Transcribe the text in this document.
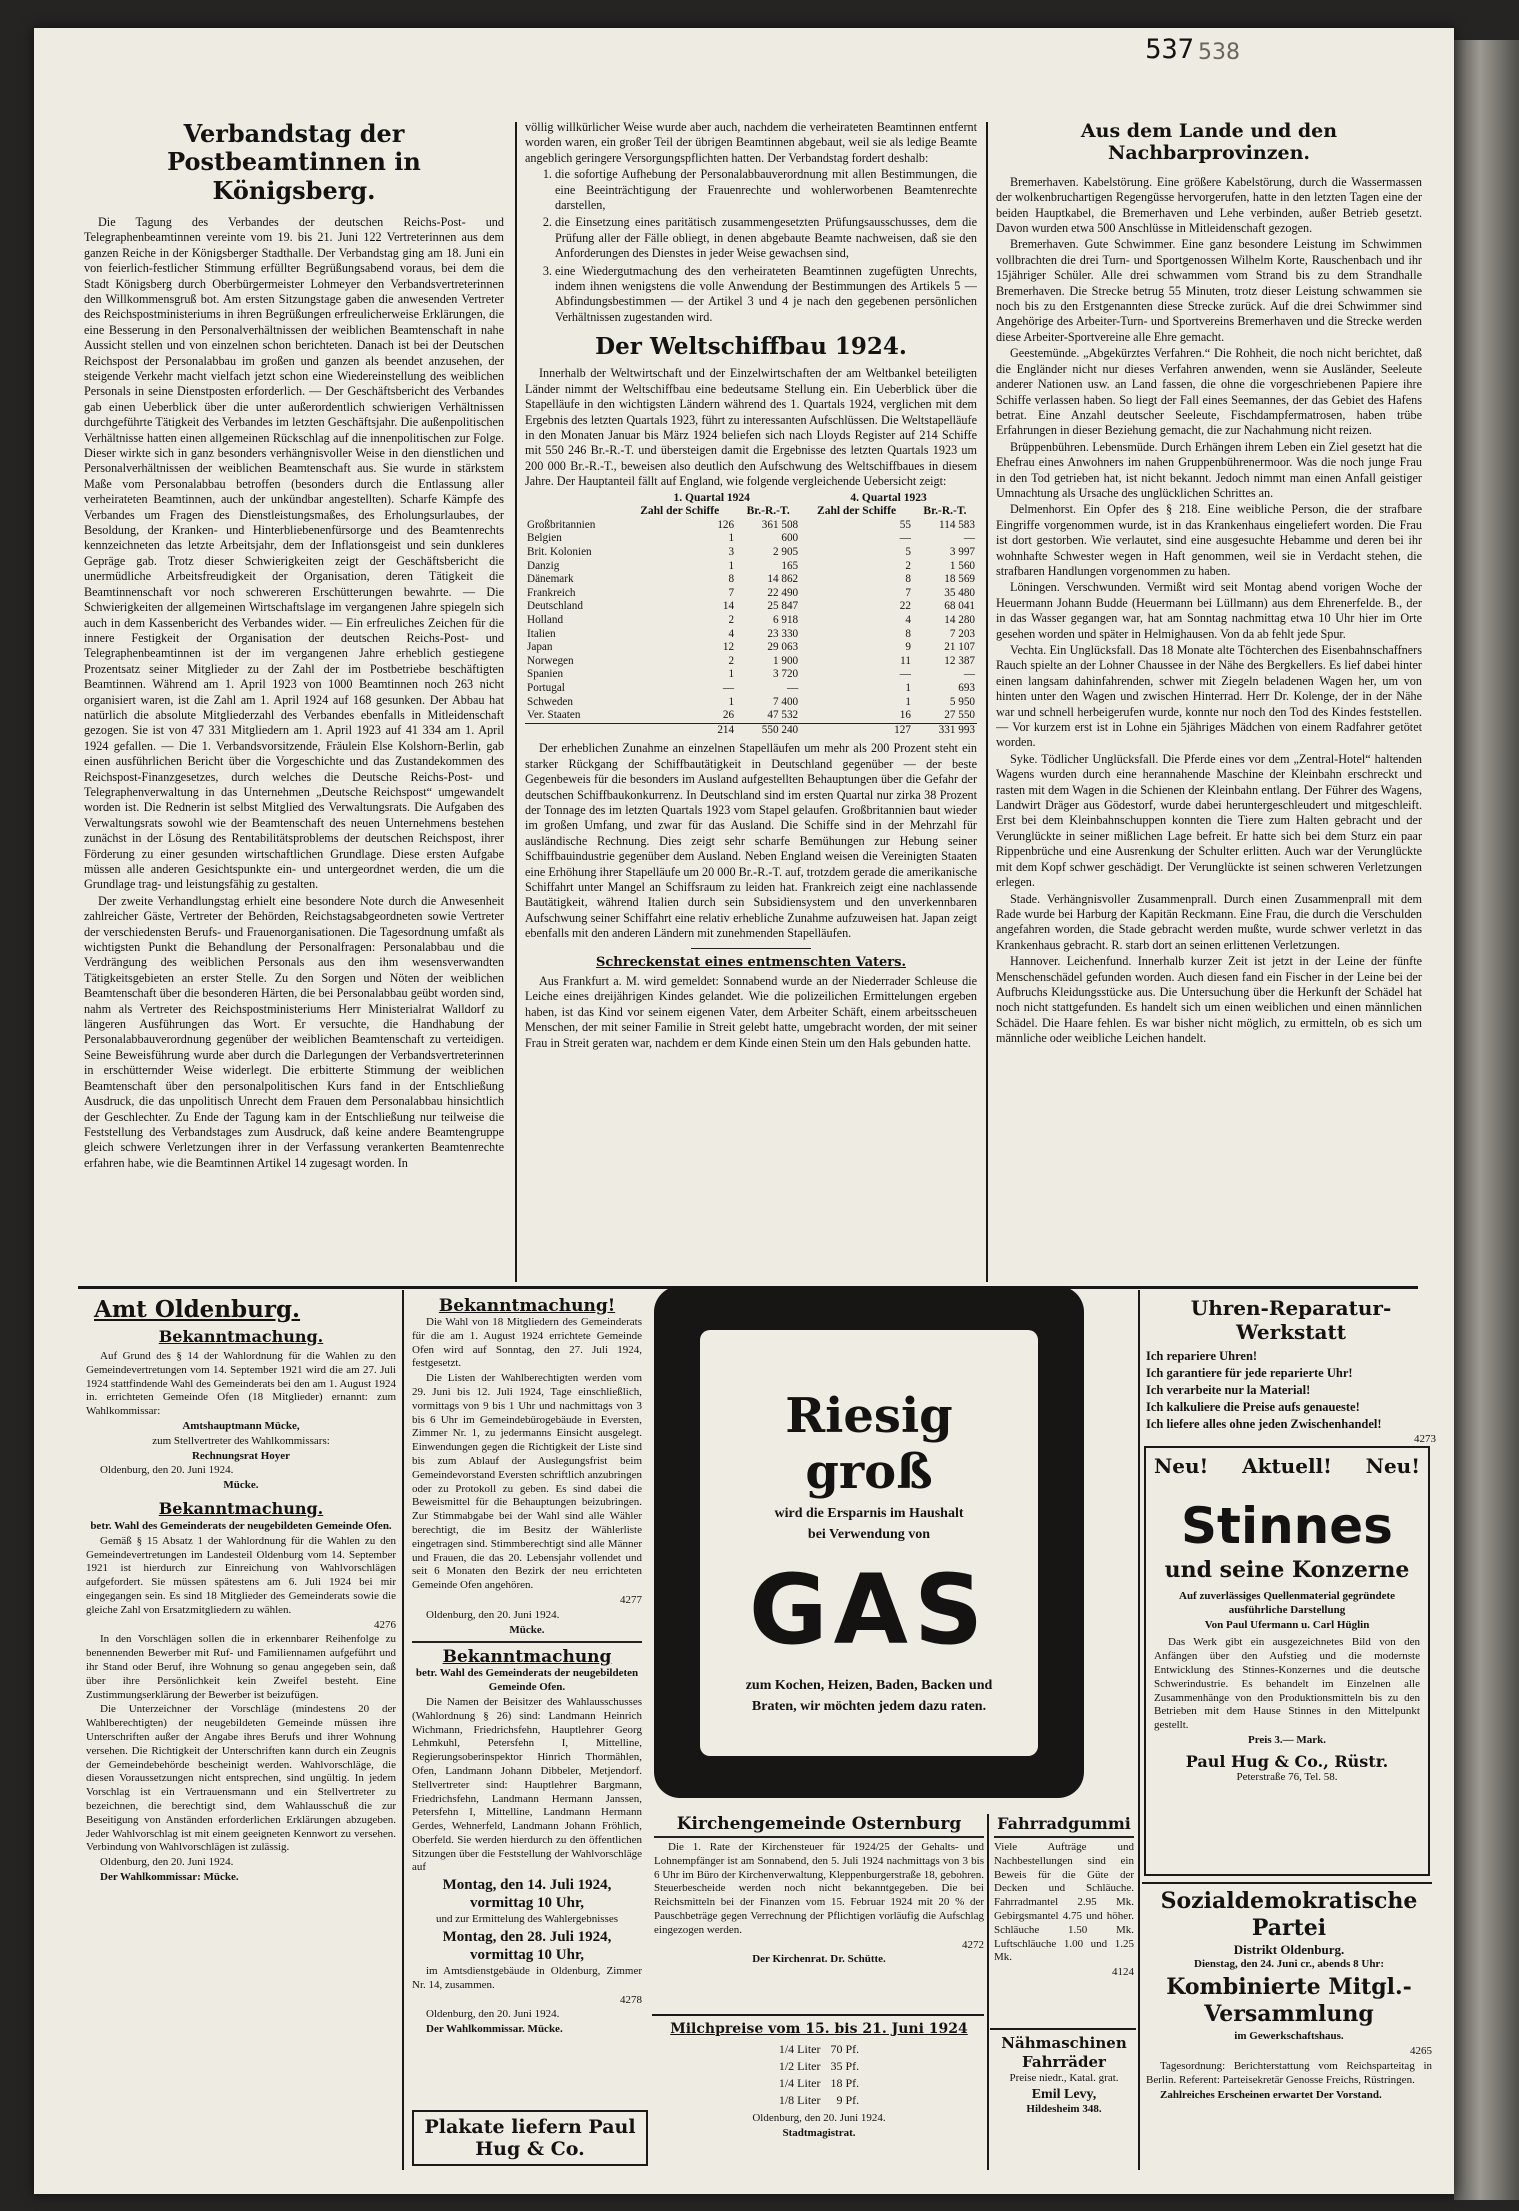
537 538
Verbandstag der Postbeamtinnen in Königsberg.
Die Tagung des Verbandes der deutschen Reichs-Post- und Telegraphenbeamtinnen vereinte vom 19. bis 21. Juni 122 Vertreterinnen aus dem ganzen Reiche in der Königsberger Stadthalle. Der Verbandstag ging am 18. Juni ein von feierlich-festlicher Stimmung erfüllter Begrüßungsabend voraus, bei dem die Stadt Königsberg durch Oberbürgermeister Lohmeyer den Verbandsvertreterinnen den Willkommensgruß bot. Am ersten Sitzungstage gaben die anwesenden Vertreter des Reichspostministeriums in ihren Begrüßungen erfreulicherweise Erklärungen, die eine Besserung in den Personalverhältnissen der weiblichen Beamtenschaft in nahe Aussicht stellen und von einzelnen schon berichteten. Danach ist bei der Deutschen Reichspost der Personalabbau im großen und ganzen als beendet anzusehen, der steigende Verkehr macht vielfach jetzt schon eine Wiedereinstellung des weiblichen Personals in seine Dienstposten erforderlich. — Der Geschäftsbericht des Verbandes gab einen Ueberblick über die unter außerordentlich schwierigen Verhältnissen durchgeführte Tätigkeit des Verbandes im letzten Geschäftsjahr. Die außenpolitischen Verhältnisse hatten einen allgemeinen Rückschlag auf die innenpolitischen zur Folge. Dieser wirkte sich in ganz besonders verhängnisvoller Weise in den dienstlichen und Personalverhältnissen der weiblichen Beamtenschaft aus. Sie wurde in stärkstem Maße vom Personalabbau betroffen (besonders durch die Entlassung aller verheirateten Beamtinnen, auch der unkündbar angestellten). Scharfe Kämpfe des Verbandes um Fragen des Dienstleistungsmaßes, des Erholungsurlaubes, der Besoldung, der Kranken- und Hinterbliebenenfürsorge und des Beamtenrechts kennzeichneten das letzte Arbeitsjahr, dem der Inflationsgeist und sein dunkleres Gepräge gab. Trotz dieser Schwierigkeiten zeigt der Geschäftsbericht die unermüdliche Arbeitsfreudigkeit der Organisation, deren Tätigkeit die Beamtinnenschaft vor noch schwereren Erschütterungen bewahrte. — Die Schwierigkeiten der allgemeinen Wirtschaftslage im vergangenen Jahre spiegeln sich auch in dem Kassenbericht des Verbandes wider. — Ein erfreuliches Zeichen für die innere Festigkeit der Organisation der deutschen Reichs-Post- und Telegraphenbeamtinnen ist der im vergangenen Jahre erheblich gestiegene Prozentsatz seiner Mitglieder zu der Zahl der im Postbetriebe beschäftigten Beamtinnen. Während am 1. April 1923 von 1000 Beamtinnen noch 263 nicht organisiert waren, ist die Zahl am 1. April 1924 auf 168 gesunken. Der Abbau hat natürlich die absolute Mitgliederzahl des Verbandes ebenfalls in Mitleidenschaft gezogen. Sie ist von 47 331 Mitgliedern am 1. April 1923 auf 41 334 am 1. April 1924 gefallen. — Die 1. Verbandsvorsitzende, Fräulein Else Kolshorn-Berlin, gab einen ausführlichen Bericht über die Vorgeschichte und das Zustandekommen des Reichspost-Finanzgesetzes, durch welches die Deutsche Reichs-Post- und Telegraphenverwaltung in das Unternehmen „Deutsche Reichspost“ umgewandelt worden ist. Die Rednerin ist selbst Mitglied des Verwaltungsrats. Die Aufgaben des Verwaltungsrats sowohl wie der Beamtenschaft des neuen Unternehmens bestehen zunächst in der Lösung des Rentabilitätsproblems der deutschen Reichspost, ihrer Förderung zu einer gesunden wirtschaftlichen Grundlage. Diese ersten Aufgabe müssen alle anderen Gesichtspunkte ein- und untergeordnet werden, die um die Grundlage trag- und leistungsfähig zu gestalten.
Der zweite Verhandlungstag erhielt eine besondere Note durch die Anwesenheit zahlreicher Gäste, Vertreter der Behörden, Reichstagsabgeordneten sowie Vertreter der verschiedensten Berufs- und Frauenorganisationen. Die Tagesordnung umfaßt als wichtigsten Punkt die Behandlung der Personalfragen: Personalabbau und die Verdrängung des weiblichen Personals aus den ihm wesensverwandten Tätigkeitsgebieten an erster Stelle. Zu den Sorgen und Nöten der weiblichen Beamtenschaft über die besonderen Härten, die bei Personalabbau geübt worden sind, nahm als Vertreter des Reichspostministeriums Herr Ministerialrat Walldorf zu längeren Ausführungen das Wort. Er versuchte, die Handhabung der Personalabbauverordnung gegenüber der weiblichen Beamtenschaft zu verteidigen. Seine Beweisführung wurde aber durch die Darlegungen der Verbandsvertreterinnen in erschütternder Weise widerlegt. Die erbitterte Stimmung der weiblichen Beamtenschaft über den personalpolitischen Kurs fand in der Entschließung Ausdruck, die das unpolitisch Unrecht dem Frauen dem Personalabbau hinsichtlich der Geschlechter. Zu Ende der Tagung kam in der Entschließung nur teilweise die Feststellung des Verbandstages zum Ausdruck, daß keine andere Beamtengruppe gleich schwere Verletzungen ihrer in der Verfassung verankerten Beamtenrechte erfahren habe, wie die Beamtinnen Artikel 14 zugesagt worden. In
völlig willkürlicher Weise wurde aber auch, nachdem die verheirateten Beamtinnen entfernt worden waren, ein großer Teil der übrigen Beamtinnen abgebaut, weil sie als ledige Beamte angeblich geringere Versorgungspflichten hatten. Der Verbandstag fordert deshalb:
1. die sofortige Aufhebung der Personalabbauverordnung mit allen Bestimmungen, die eine Beeinträchtigung der Frauenrechte und wohlerworbenen Beamtenrechte darstellen,
2. die Einsetzung eines paritätisch zusammengesetzten Prüfungsausschusses, dem die Prüfung aller der Fälle obliegt, in denen abgebaute Beamte nachweisen, daß sie den Anforderungen des Dienstes in jeder Weise gewachsen sind,
3. eine Wiedergutmachung des den verheirateten Beamtinnen zugefügten Unrechts, indem ihnen wenigstens die volle Anwendung der Bestimmungen des Artikels 5 — Abfindungsbestimmen — der Artikel 3 und 4 je nach den gegebenen persönlichen Verhältnissen zugestanden wird.
Der Weltschiffbau 1924.
Innerhalb der Weltwirtschaft und der Einzelwirtschaften der am Weltbankel beteiligten Länder nimmt der Weltschiffbau eine bedeutsame Stellung ein. Ein Ueberblick über die Stapelläufe in den wichtigsten Ländern während des 1. Quartals 1924, verglichen mit dem Ergebnis des letzten Quartals 1923, führt zu interessanten Aufschlüssen. Die Weltstapelläufe in den Monaten Januar bis März 1924 beliefen sich nach Lloyds Register auf 214 Schiffe mit 550 246 Br.-R.-T. und übersteigen damit die Ergebnisse des letzten Quartals 1923 um 200 000 Br.-R.-T., beweisen also deutlich den Aufschwung des Weltschiffbaues in diesem Jahre. Der Hauptanteil fällt auf England, wie folgende vergleichende Uebersicht zeigt:
	1. Quartal 1924		4. Quartal 1923	
	Zahl der Schiffe	Br.-R.-T.	Zahl der Schiffe	Br.-R.-T.
Großbritannien	126	361 508	55	114 583
Belgien	1	600	—	—
Brit. Kolonien	3	2 905	5	3 997
Danzig	1	165	2	1 560
Dänemark	8	14 862	8	18 569
Frankreich	7	22 490	7	35 480
Deutschland	14	25 847	22	68 041
Holland	2	6 918	4	14 280
Italien	4	23 330	8	7 203
Japan	12	29 063	9	21 107
Norwegen	2	1 900	11	12 387
Spanien	1	3 720	—	—
Portugal	—	—	1	693
Schweden	1	7 400	1	5 950
Ver. Staaten	26	47 532	16	27 550
	214	550 240	127	331 993
Der erheblichen Zunahme an einzelnen Stapelläufen um mehr als 200 Prozent steht ein starker Rückgang der Schiffbautätigkeit in Deutschland gegenüber — der beste Gegenbeweis für die besonders im Ausland aufgestellten Behauptungen über die Gefahr der deutschen Schiffbaukonkurrenz. In Deutschland sind im ersten Quartal nur zirka 38 Prozent der Tonnage des im letzten Quartals 1923 vom Stapel gelaufen. Großbritannien baut wieder im großen Umfang, und zwar für das Ausland. Die Schiffe sind in der Mehrzahl für ausländische Rechnung. Dies zeigt sehr scharfe Bemühungen zur Hebung seiner Schiffbauindustrie gegenüber dem Ausland. Neben England weisen die Vereinigten Staaten eine Erhöhung ihrer Stapelläufe um 20 000 Br.-R.-T. auf, trotzdem gerade die amerikanische Schiffahrt unter Mangel an Schiffsraum zu leiden hat. Frankreich zeigt eine nachlassende Bautätigkeit, während Italien durch sein Subsidiensystem und den unverkennbaren Aufschwung seiner Schiffahrt eine relativ erhebliche Zunahme aufzuweisen hat. Japan zeigt ebenfalls mit den anderen Ländern mit zunehmenden Stapelläufen.
Schreckenstat eines entmenschten Vaters.
Aus Frankfurt a. M. wird gemeldet: Sonnabend wurde an der Niederrader Schleuse die Leiche eines dreijährigen Kindes gelandet. Wie die polizeilichen Ermittelungen ergeben haben, ist das Kind vor seinem eigenen Vater, dem Arbeiter Schäft, einem arbeitsscheuen Menschen, der mit seiner Familie in Streit gelebt hatte, umgebracht worden, der mit seiner Frau in Streit geraten war, nachdem er dem Kinde einen Stein um den Hals gebunden hatte.
Aus dem Lande und den Nachbarprovinzen.
Bremerhaven. Kabelstörung. Eine größere Kabelstörung, durch die Wassermassen der wolkenbruchartigen Regengüsse hervorgerufen, hatte in den letzten Tagen eine der beiden Hauptkabel, die Bremerhaven und Lehe verbinden, außer Betrieb gesetzt. Davon wurden etwa 500 Anschlüsse in Mitleidenschaft gezogen.
Bremerhaven. Gute Schwimmer. Eine ganz besondere Leistung im Schwimmen vollbrachten die drei Turn- und Sportgenossen Wilhelm Korte, Rauschenbach und ihr 15jähriger Schüler. Alle drei schwammen vom Strand bis zu dem Strandhalle Bremerhaven. Die Strecke betrug 55 Minuten, trotz dieser Leistung schwammen sie noch bis zu den Erstgenannten diese Strecke zurück. Auf die drei Schwimmer sind Angehörige des Arbeiter-Turn- und Sportvereins Bremerhaven und die Strecke werden diese Arbeiter-Sportvereine alle Ehre gemacht.
Geestemünde. „Abgekürztes Verfahren.“ Die Rohheit, die noch nicht berichtet, daß die Engländer nicht nur dieses Verfahren anwenden, wenn sie Ausländer, Seeleute anderer Nationen usw. an Land fassen, die ohne die vorgeschriebenen Papiere ihre Schiffe verlassen haben. So liegt der Fall eines Seemannes, der das Gebiet des Hafens betrat. Eine Anzahl deutscher Seeleute, Fischdampfermatrosen, haben trübe Erfahrungen in dieser Beziehung gemacht, die zur Nachahmung nicht reizen.
Brüppenbühren. Lebensmüde. Durch Erhängen ihrem Leben ein Ziel gesetzt hat die Ehefrau eines Anwohners im nahen Gruppenbührenermoor. Was die noch junge Frau in den Tod getrieben hat, ist nicht bekannt. Jedoch nimmt man einen Anfall geistiger Umnachtung als Ursache des unglücklichen Schrittes an.
Delmenhorst. Ein Opfer des § 218. Eine weibliche Person, die der strafbare Eingriffe vorgenommen wurde, ist in das Krankenhaus eingeliefert worden. Die Frau ist dort gestorben. Wie verlautet, sind eine ausgesuchte Hebamme und deren bei ihr wohnhafte Schwester wegen in Haft genommen, weil sie in Verdacht stehen, die strafbaren Handlungen vorgenommen zu haben.
Löningen. Verschwunden. Vermißt wird seit Montag abend vorigen Woche der Heuermann Johann Budde (Heuermann bei Lüllmann) aus dem Ehrenerfelde. B., der in das Wasser gegangen war, hat am Sonntag nachmittag etwa 10 Uhr hier im Orte gesehen worden und später in Helmighausen. Von da ab fehlt jede Spur.
Vechta. Ein Unglücksfall. Das 18 Monate alte Töchterchen des Eisenbahnschaffners Rauch spielte an der Lohner Chaussee in der Nähe des Bergkellers. Es lief dabei hinter einen langsam dahinfahrenden, schwer mit Ziegeln beladenen Wagen her, um von hinten unter den Wagen und zwischen Hinterrad. Herr Dr. Kolenge, der in der Nähe war und schnell herbeigerufen wurde, konnte nur noch den Tod des Kindes feststellen. — Vor kurzem erst ist in Lohne ein 5jähriges Mädchen von einem Radfahrer getötet worden.
Syke. Tödlicher Unglücksfall. Die Pferde eines vor dem „Zentral-Hotel“ haltenden Wagens wurden durch eine herannahende Maschine der Kleinbahn erschreckt und rasten mit dem Wagen in die Schienen der Kleinbahn entlang. Der Führer des Wagens, Landwirt Dräger aus Gödestorf, wurde dabei heruntergeschleudert und mitgeschleift. Erst bei dem Kleinbahnschuppen konnten die Tiere zum Halten gebracht und der Verunglückte in seiner mißlichen Lage befreit. Er hatte sich bei dem Sturz ein paar Rippenbrüche und eine Ausrenkung der Schulter erlitten. Auch war der Verunglückte mit dem Kopf schwer geschädigt. Der Verunglückte ist seinen schweren Verletzungen erlegen.
Stade. Verhängnisvoller Zusammenprall. Durch einen Zusammenprall mit dem Rade wurde bei Harburg der Kapitän Reckmann. Eine Frau, die durch die Verschulden angefahren worden, die Stade gebracht werden mußte, wurde schwer verletzt in das Krankenhaus gebracht. R. starb dort an seinen erlittenen Verletzungen.
Hannover. Leichenfund. Innerhalb kurzer Zeit ist jetzt in der Leine der fünfte Menschenschädel gefunden worden. Auch diesen fand ein Fischer in der Leine bei der Aufbruchs Kleidungsstücke aus. Die Untersuchung über die Herkunft der Schädel hat noch nicht stattgefunden. Es handelt sich um einen weiblichen und einen männlichen Schädel. Die Haare fehlen. Es war bisher nicht möglich, zu ermitteln, ob es sich um männliche oder weibliche Leichen handelt.
Amt Oldenburg.
Bekanntmachung.
Auf Grund des § 14 der Wahlordnung für die Wahlen zu den Gemeindevertretungen vom 14. September 1921 wird die am 27. Juli 1924 stattfindende Wahl des Gemeinderats bei den am 1. August 1924 in. errichteten Gemeinde Ofen (18 Mitglieder) ernannt: zum Wahlkommissar:
Amtshauptmann Mücke,
zum Stellvertreter des Wahlkommissars:
Rechnungsrat Hoyer
Oldenburg, den 20. Juni 1924.
Mücke.
Bekanntmachung.
betr. Wahl des Gemeinderats der neugebildeten Gemeinde Ofen.
Gemäß § 15 Absatz 1 der Wahlordnung für die Wahlen zu den Gemeindevertretungen im Landesteil Oldenburg vom 14. September 1921 ist hierdurch zur Einreichung von Wahlvorschlägen aufgefordert. Sie müssen spätestens am 6. Juli 1924 bei mir eingegangen sein. Es sind 18 Mitglieder des Gemeinderats sowie die gleiche Zahl von Ersatzmitgliedern zu wählen.
4276
In den Vorschlägen sollen die in erkennbarer Reihenfolge zu benennenden Bewerber mit Ruf- und Familiennamen aufgeführt und ihr Stand oder Beruf, ihre Wohnung so genau angegeben sein, daß über ihre Persönlichkeit kein Zweifel besteht. Eine Zustimmungserklärung der Bewerber ist beizufügen.
Die Unterzeichner der Vorschläge (mindestens 20 der Wahlberechtigten) der neugebildeten Gemeinde müssen ihre Unterschriften außer der Angabe ihres Berufs und ihrer Wohnung versehen. Die Richtigkeit der Unterschriften kann durch ein Zeugnis der Gemeindebehörde bescheinigt werden. Wahlvorschläge, die diesen Voraussetzungen nicht entsprechen, sind ungültig. In jedem Vorschlag ist ein Vertrauensmann und ein Stellvertreter zu bezeichnen, die berechtigt sind, dem Wahlausschuß die zur Beseitigung von Anständen erforderlichen Erklärungen abzugeben. Jeder Wahlvorschlag ist mit einem geeigneten Kennwort zu versehen. Verbindung von Wahlvorschlägen ist zulässig.
Oldenburg, den 20. Juni 1924.
Der Wahlkommissar: Mücke.
Bekanntmachung!
Die Wahl von 18 Mitgliedern des Gemeinderats für die am 1. August 1924 errichtete Gemeinde Ofen wird auf Sonntag, den 27. Juli 1924, festgesetzt.
Die Listen der Wahlberechtigten werden vom 29. Juni bis 12. Juli 1924, Tage einschließlich, vormittags von 9 bis 1 Uhr und nachmittags von 3 bis 6 Uhr im Gemeindebürogebäude in Eversten, Zimmer Nr. 1, zu jedermanns Einsicht ausgelegt. Einwendungen gegen die Richtigkeit der Liste sind bis zum Ablauf der Auslegungsfrist beim Gemeindevorstand Eversten schriftlich anzubringen oder zu Protokoll zu geben. Es sind dabei die Beweismittel für die Behauptungen beizubringen. Zur Stimmabgabe bei der Wahl sind alle Wähler berechtigt, die im Besitz der Wählerliste eingetragen sind. Stimmberechtigt sind alle Männer und Frauen, die das 20. Lebensjahr vollendet und seit 6 Monaten den Bezirk der neu errichteten Gemeinde Ofen angehören.
4277
Oldenburg, den 20. Juni 1924.
Mücke.
Bekanntmachung
betr. Wahl des Gemeinderats der neugebildeten Gemeinde Ofen.
Die Namen der Beisitzer des Wahlausschusses (Wahlordnung § 26) sind: Landmann Heinrich Wichmann, Friedrichsfehn, Hauptlehrer Georg Lehmkuhl, Petersfehn I, Mittelline, Regierungsoberinspektor Hinrich Thormählen, Ofen, Landmann Johann Dibbeler, Metjendorf. Stellvertreter sind: Hauptlehrer Bargmann, Friedrichsfehn, Landmann Hermann Janssen, Petersfehn I, Mittelline, Landmann Hermann Gerdes, Wehnerfeld, Landmann Johann Fröhlich, Oberfeld. Sie werden hierdurch zu den öffentlichen Sitzungen über die Feststellung der Wahlvorschläge auf
Montag, den 14. Juli 1924, vormittag 10 Uhr,
und zur Ermittelung des Wahlergebnisses
Montag, den 28. Juli 1924, vormittag 10 Uhr,
im Amtsdienstgebäude in Oldenburg, Zimmer Nr. 14, zusammen.
4278
Oldenburg, den 20. Juni 1924.
Der Wahlkommissar. Mücke.
Plakate liefern Paul Hug & Co.
Riesig groß
wird die Ersparnis im Haushalt
bei Verwendung von
GAS
zum Kochen, Heizen, Baden, Backen und Braten, wir möchten jedem dazu raten.
Kirchengemeinde Osternburg
Die 1. Rate der Kirchensteuer für 1924/25 der Gehalts- und Lohnempfänger ist am Sonnabend, den 5. Juli 1924 nachmittags von 3 bis 6 Uhr im Büro der Kirchenverwaltung, Kleppenburgerstraße 18, gebohren. Steuerbescheide werden noch nicht bekanntgegeben. Die bei Reichsmitteln bei der Finanzen vom 15. Februar 1924 mit 20 % der Pauschbeträge gegen Verrechnung der Pflichtigen vorläufig die Aufschlag eingezogen werden.
4272
Der Kirchenrat. Dr. Schütte.
Milchpreise vom 15. bis 21. Juni 1924
1/4 Liter	70 Pf.
1/2 Liter	35 Pf.
1/4 Liter	18 Pf.
1/8 Liter	9 Pf.
Oldenburg, den 20. Juni 1924.
Stadtmagistrat.
Fahrradgummi
Viele Aufträge und Nachbestellungen sind ein Beweis für die Güte der Decken und Schläuche. Fahrradmantel 2.95 Mk. Gebirgsmantel 4.75 und höher. Schläuche 1.50 Mk. Luftschläuche 1.00 und 1.25 Mk.
4124
Nähmaschinen Fahrräder
Preise niedr., Katal. grat.
Emil Levy,
Hildesheim 348.
Uhren-Reparatur-Werkstatt
Ich repariere Uhren!
Ich garantiere für jede reparierte Uhr!
Ich verarbeite nur la Material!
Ich kalkuliere die Preise aufs genaueste!
Ich liefere alles ohne jeden Zwischenhandel!
4273
Neu! Aktuell! Neu!
Stinnes
und seine Konzerne
Auf zuverlässiges Quellenmaterial gegründete ausführliche Darstellung
Von Paul Ufermann u. Carl Hüglin
Das Werk gibt ein ausgezeichnetes Bild von den Anfängen über den Aufstieg und die modernste Entwicklung des Stinnes-Konzernes und die deutsche Schwerindustrie. Es behandelt im Einzelnen alle Zusammenhänge von den Produktionsmitteln bis zu den Betrieben mit dem Hause Stinnes in den Mittelpunkt gestellt.
Preis 3.— Mark.
Paul Hug & Co., Rüstr.
Peterstraße 76, Tel. 58.
Sozialdemokratische Partei
Distrikt Oldenburg.
Dienstag, den 24. Juni cr., abends 8 Uhr:
Kombinierte Mitgl.-Versammlung
im Gewerkschaftshaus.
4265
Tagesordnung: Berichterstattung vom Reichsparteitag in Berlin. Referent: Parteisekretär Genosse Freichs, Rüstringen.
Zahlreiches Erscheinen erwartet Der Vorstand.
